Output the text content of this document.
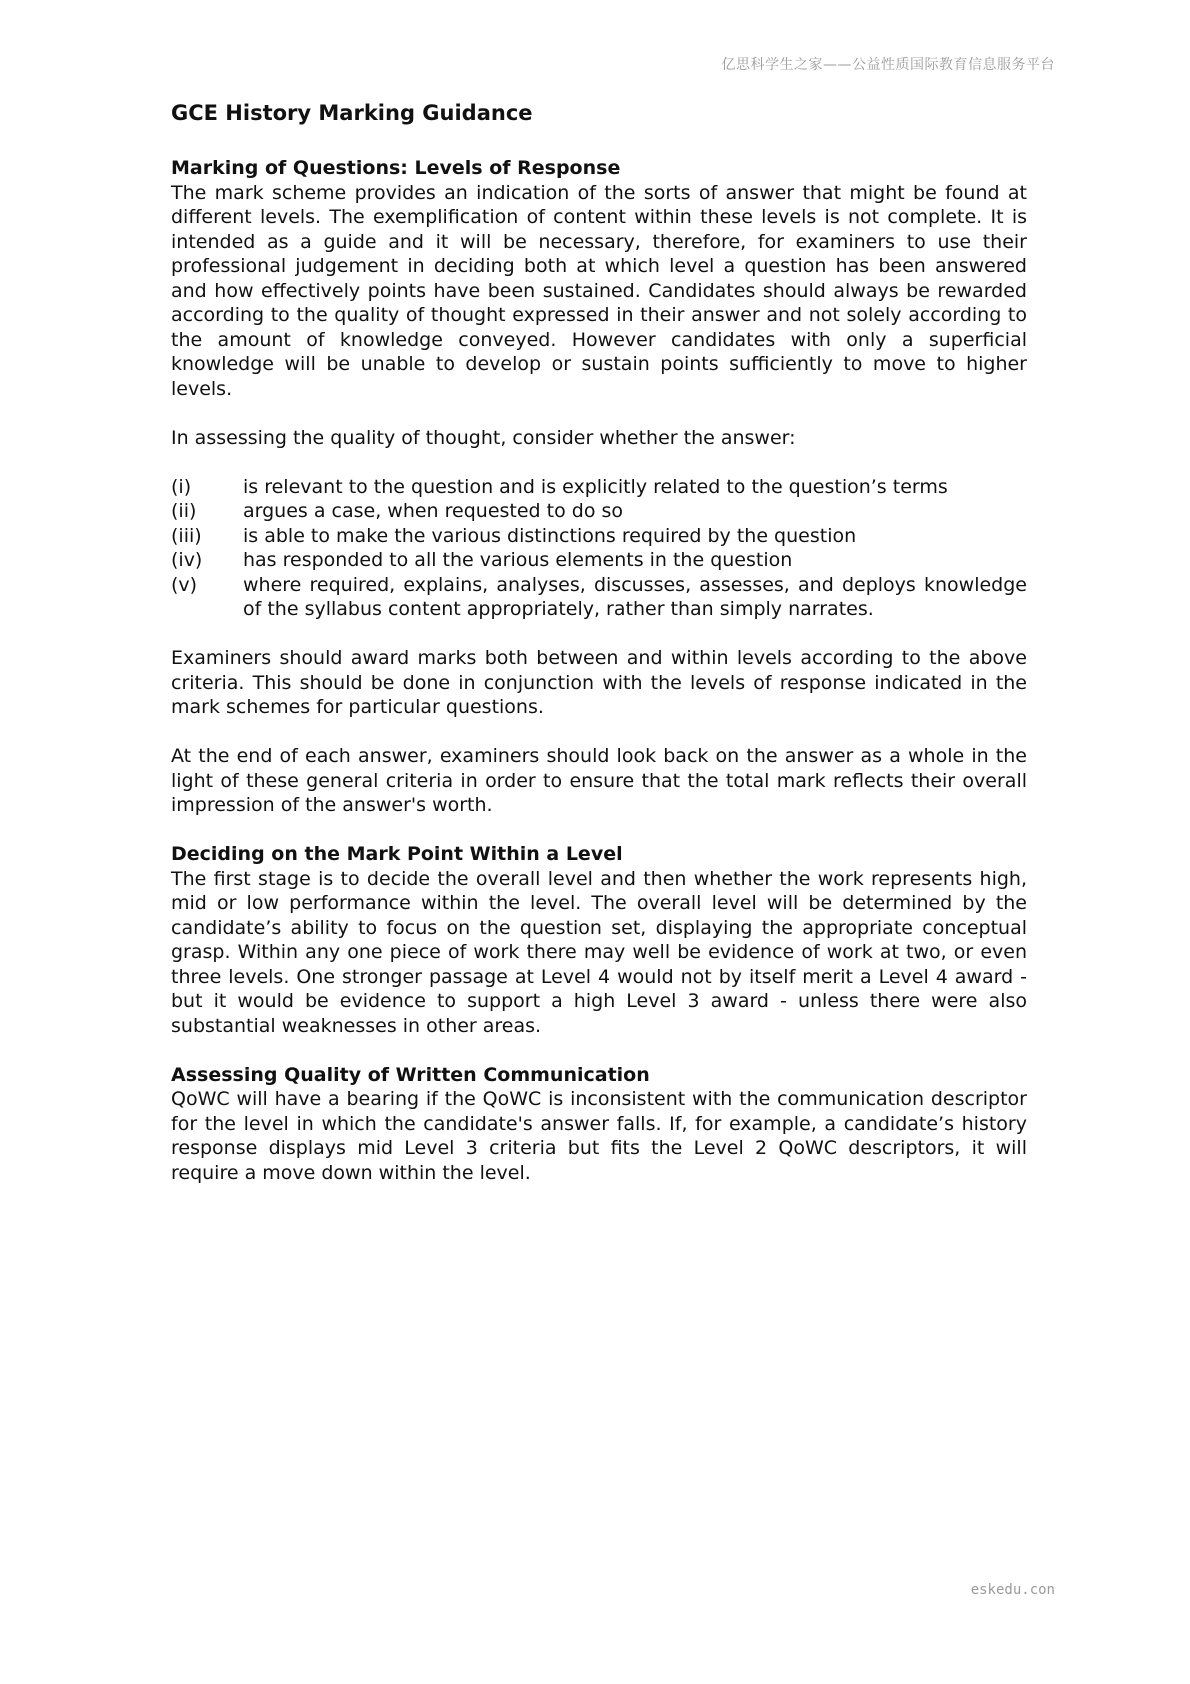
亿思科学生之家——公益性质国际教育信息服务平台
GCE History Marking Guidance
Marking of Questions: Levels of Response

The mark scheme provides an indication of the sorts of answer that might be found at different levels. The exemplification of content within these levels is not complete. It is intended as a guide and it will be necessary, therefore, for examiners to use their professional judgement in deciding both at which level a question has been answered and how effectively points have been sustained. Candidates should always be rewarded according to the quality of thought expressed in their answer and not solely according to the amount of knowledge conveyed. However candidates with only a superficial knowledge will be unable to develop or sustain points sufficiently to move to higher levels.

In assessing the quality of thought, consider whether the answer:

(i)	is relevant to the question and is explicitly related to the question’s terms
(ii)	argues a case, when requested to do so
(iii)	is able to make the various distinctions required by the question
(iv)	has responded to all the various elements in the question
(v)	where required, explains, analyses, discusses, assesses, and deploys knowledge of the syllabus content appropriately, rather than simply narrates.

Examiners should award marks both between and within levels according to the above criteria. This should be done in conjunction with the levels of response indicated in the mark schemes for particular questions.

At the end of each answer, examiners should look back on the answer as a whole in the light of these general criteria in order to ensure that the total mark reflects their overall impression of the answer's worth.

Deciding on the Mark Point Within a Level

The first stage is to decide the overall level and then whether the work represents high, mid or low performance within the level. The overall level will be determined by the candidate’s ability to focus on the question set, displaying the appropriate conceptual grasp. Within any one piece of work there may well be evidence of work at two, or even three levels. One stronger passage at Level 4 would not by itself merit a Level 4 award - but it would be evidence to support a high Level 3 award - unless there were also substantial weaknesses in other areas.

Assessing Quality of Written Communication

QoWC will have a bearing if the QoWC is inconsistent with the communication descriptor for the level in which the candidate's answer falls. If, for example, a candidate’s history response displays mid Level 3 criteria but fits the Level 2 QoWC descriptors, it will require a move down within the level.

eskedu.con
